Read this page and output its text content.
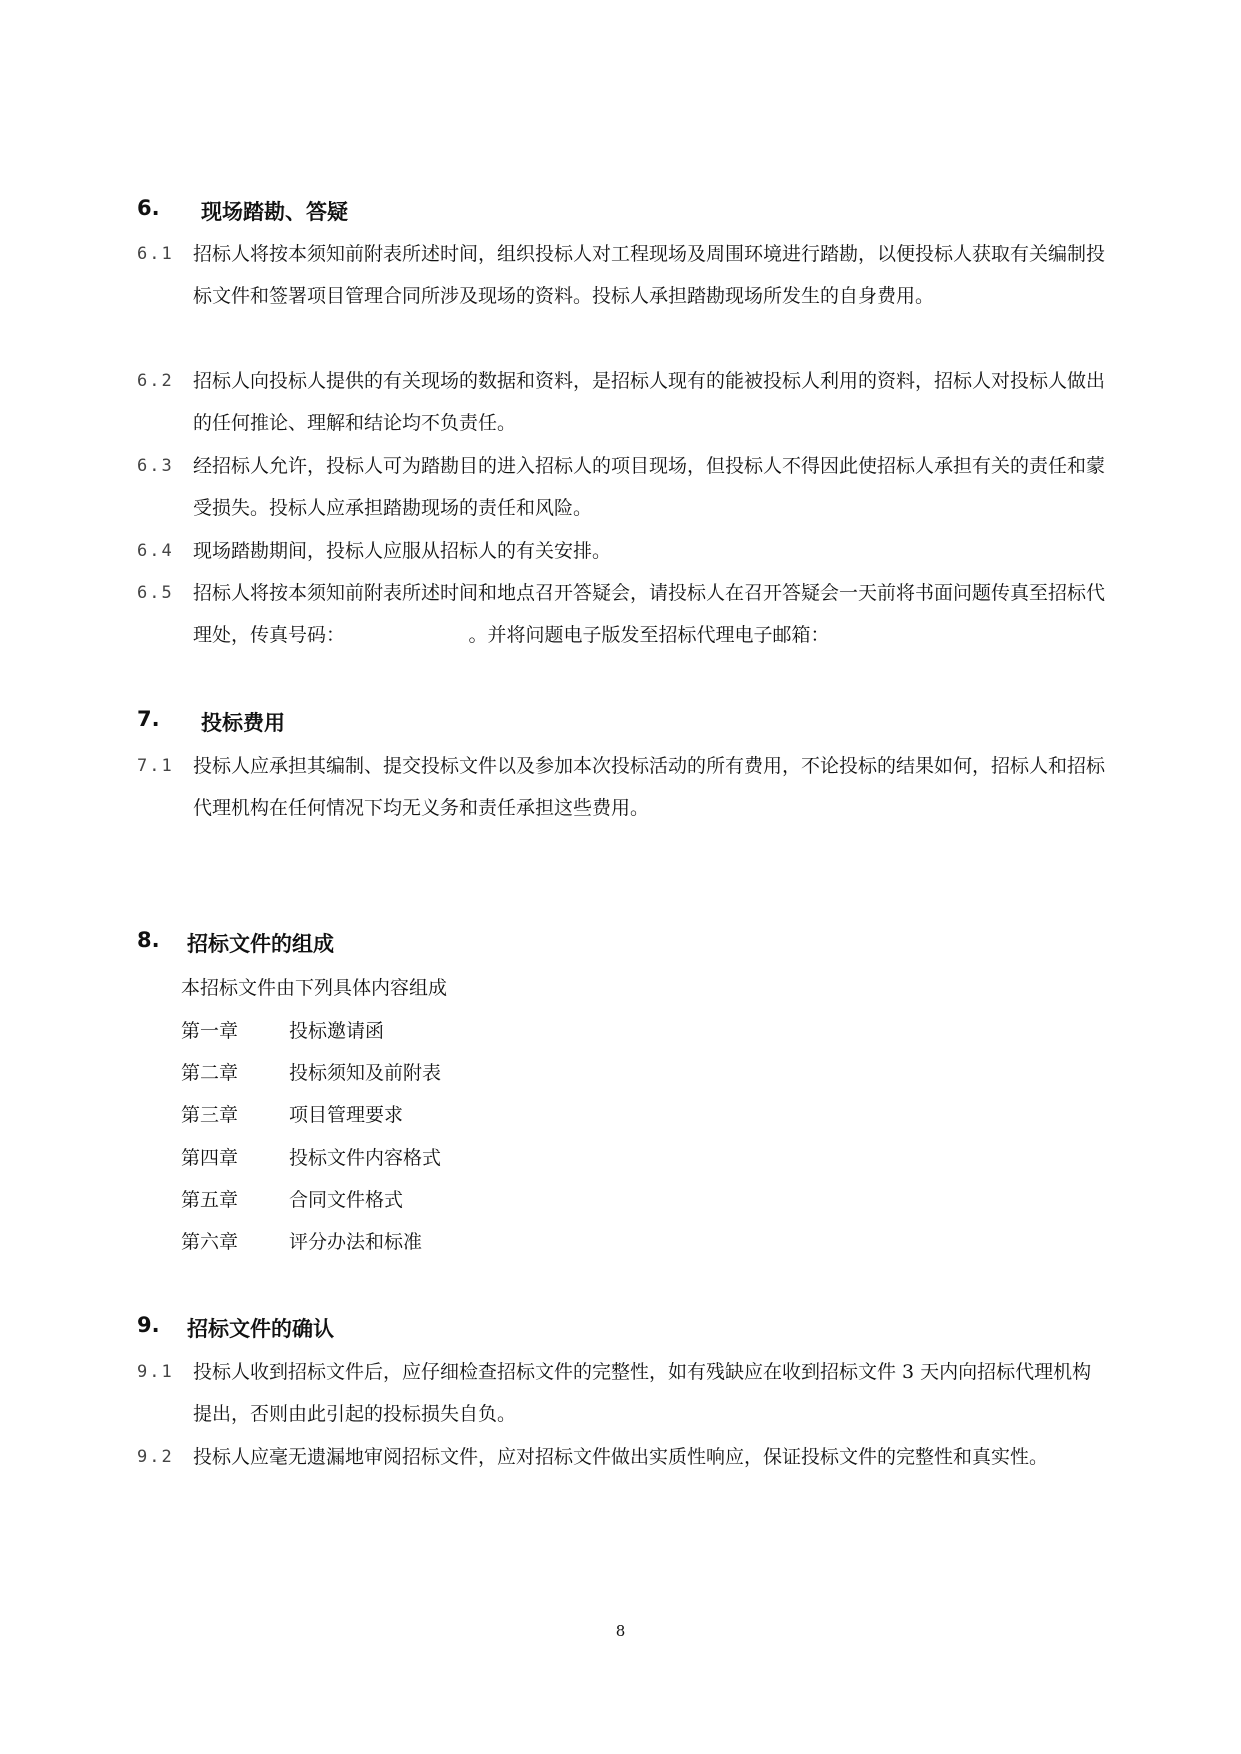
6. 现场踏勘、答疑
6.1 招标人将按本须知前附表所述时间，组织投标人对工程现场及周围环境进行踏勘，以便投标人获取有关编制投标文件和签署项目管理合同所涉及现场的资料。投标人承担踏勘现场所发生的自身费用。
6.2 招标人向投标人提供的有关现场的数据和资料，是招标人现有的能被投标人利用的资料，招标人对投标人做出的任何推论、理解和结论均不负责任。
6.3 经招标人允许，投标人可为踏勘目的进入招标人的项目现场，但投标人不得因此使招标人承担有关的责任和蒙受损失。投标人应承担踏勘现场的责任和风险。
6.4 现场踏勘期间，投标人应服从招标人的有关安排。
6.5 招标人将按本须知前附表所述时间和地点召开答疑会，请投标人在召开答疑会一天前将书面问题传真至招标代理处，传真号码：　　　　　　　。并将问题电子版发至招标代理电子邮箱：
7. 投标费用
7.1 投标人应承担其编制、提交投标文件以及参加本次投标活动的所有费用，不论投标的结果如何，招标人和招标代理机构在任何情况下均无义务和责任承担这些费用。
8. 招标文件的组成
本招标文件由下列具体内容组成
第一章	投标邀请函
第二章	投标须知及前附表
第三章	项目管理要求
第四章	投标文件内容格式
第五章	合同文件格式
第六章	评分办法和标准
9. 招标文件的确认
9.1 投标人收到招标文件后，应仔细检查招标文件的完整性，如有残缺应在收到招标文件 3 天内向招标代理机构提出，否则由此引起的投标损失自负。
9.2 投标人应毫无遗漏地审阅招标文件，应对招标文件做出实质性响应，保证投标文件的完整性和真实性。
8
